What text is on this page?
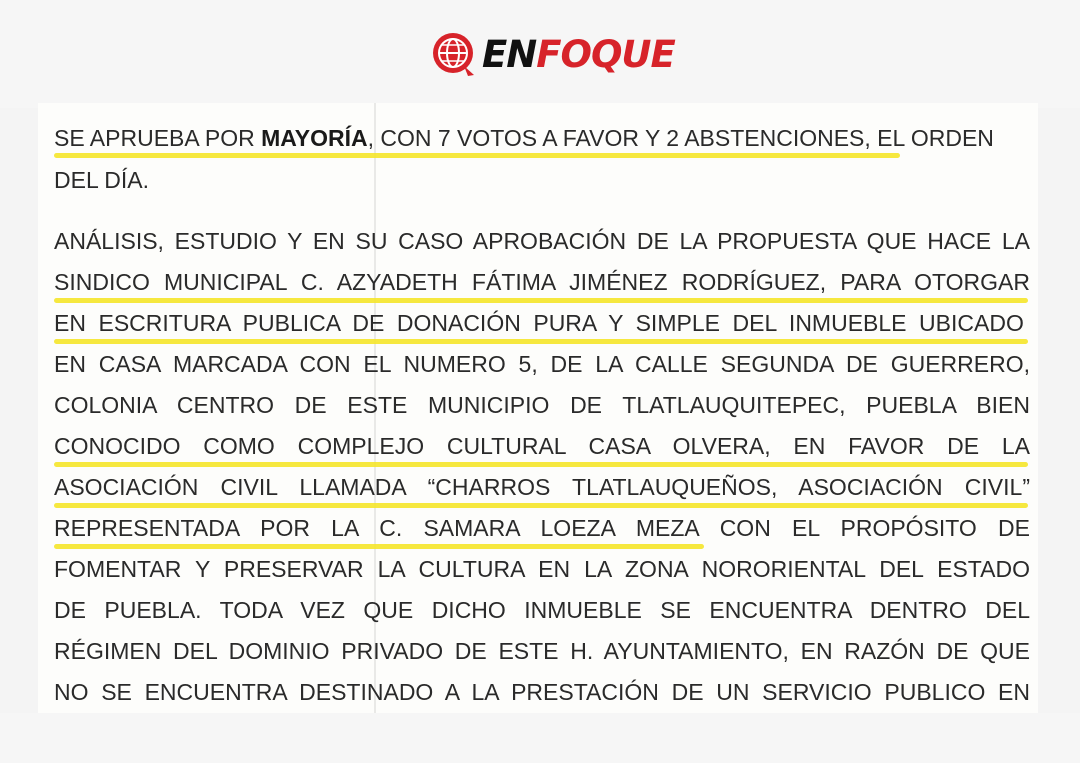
ENFOQUE
SE APRUEBA POR MAYORÍA , CON 7 VOTOS A FAVOR Y 2 ABSTENCIONES, EL ORDEN
DEL DÍA.
ANÁLISIS, ESTUDIO Y EN SU CASO APROBACIÓN DE LA PROPUESTA QUE HACE LA
SINDICO MUNICIPAL C. AZYADETH FÁTIMA JIMÉNEZ RODRÍGUEZ, PARA OTORGAR
EN ESCRITURA PUBLICA DE DONACIÓN PURA Y SIMPLE DEL INMUEBLE UBICADO
EN CASA MARCADA CON EL NUMERO 5, DE LA CALLE SEGUNDA DE GUERRERO,
COLONIA CENTRO DE ESTE MUNICIPIO DE TLATLAUQUITEPEC, PUEBLA BIEN
CONOCIDO COMO COMPLEJO CULTURAL CASA OLVERA, EN FAVOR DE LA
ASOCIACIÓN CIVIL LLAMADA “CHARROS TLATLAUQUEÑOS, ASOCIACIÓN CIVIL”
REPRESENTADA POR LA C. SAMARA LOEZA MEZA CON EL PROPÓSITO DE
FOMENTAR Y PRESERVAR LA CULTURA EN LA ZONA NORORIENTAL DEL ESTADO
DE PUEBLA. TODA VEZ QUE DICHO INMUEBLE SE ENCUENTRA DENTRO DEL
RÉGIMEN DEL DOMINIO PRIVADO DE ESTE H. AYUNTAMIENTO, EN RAZÓN DE QUE
NO SE ENCUENTRA DESTINADO A LA PRESTACIÓN DE UN SERVICIO PUBLICO EN
